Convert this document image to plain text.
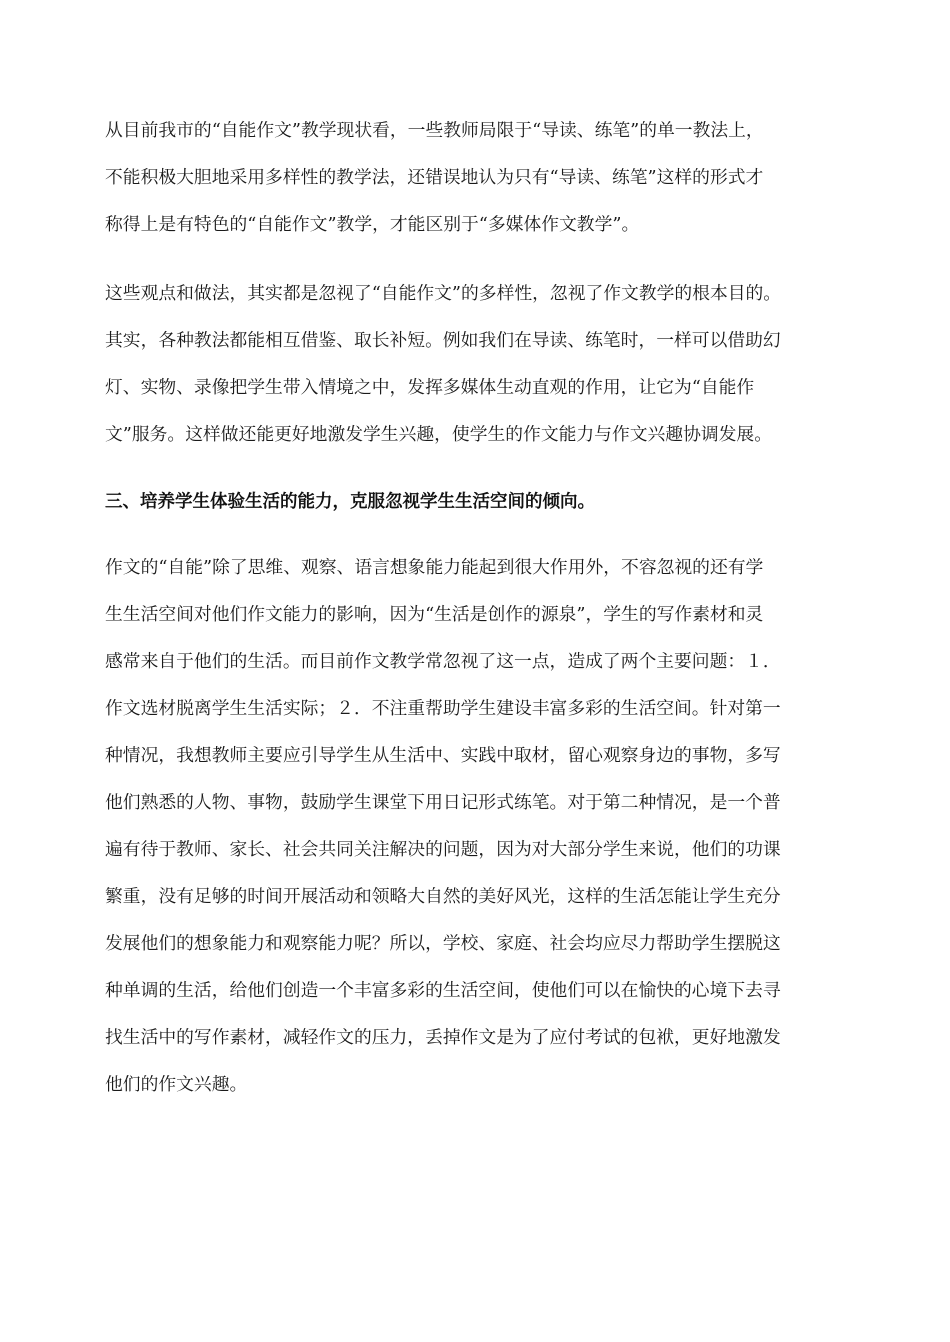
从目前我市的“自能作文”教学现状看，一些教师局限于“导读、练笔”的单一教法上，
不能积极大胆地采用多样性的教学法，还错误地认为只有“导读、练笔”这样的形式才
称得上是有特色的“自能作文”教学，才能区别于“多媒体作文教学”。
这些观点和做法，其实都是忽视了“自能作文”的多样性，忽视了作文教学的根本目的。
其实，各种教法都能相互借鉴、取长补短。例如我们在导读、练笔时，一样可以借助幻
灯、实物、录像把学生带入情境之中，发挥多媒体生动直观的作用，让它为“自能作
文”服务。这样做还能更好地激发学生兴趣，使学生的作文能力与作文兴趣协调发展。
三、培养学生体验生活的能力，克服忽视学生生活空间的倾向。
作文的“自能”除了思维、观察、语言想象能力能起到很大作用外，不容忽视的还有学
生生活空间对他们作文能力的影响，因为“生活是创作的源泉”，学生的写作素材和灵
感常来自于他们的生活。而目前作文教学常忽视了这一点，造成了两个主要问题：１．
作文选材脱离学生生活实际；２．不注重帮助学生建设丰富多彩的生活空间。针对第一
种情况，我想教师主要应引导学生从生活中、实践中取材，留心观察身边的事物，多写
他们熟悉的人物、事物，鼓励学生课堂下用日记形式练笔。对于第二种情况，是一个普
遍有待于教师、家长、社会共同关注解决的问题，因为对大部分学生来说，他们的功课
繁重，没有足够的时间开展活动和领略大自然的美好风光，这样的生活怎能让学生充分
发展他们的想象能力和观察能力呢？所以，学校、家庭、社会均应尽力帮助学生摆脱这
种单调的生活，给他们创造一个丰富多彩的生活空间，使他们可以在愉快的心境下去寻
找生活中的写作素材，减轻作文的压力，丢掉作文是为了应付考试的包袱，更好地激发
他们的作文兴趣。
